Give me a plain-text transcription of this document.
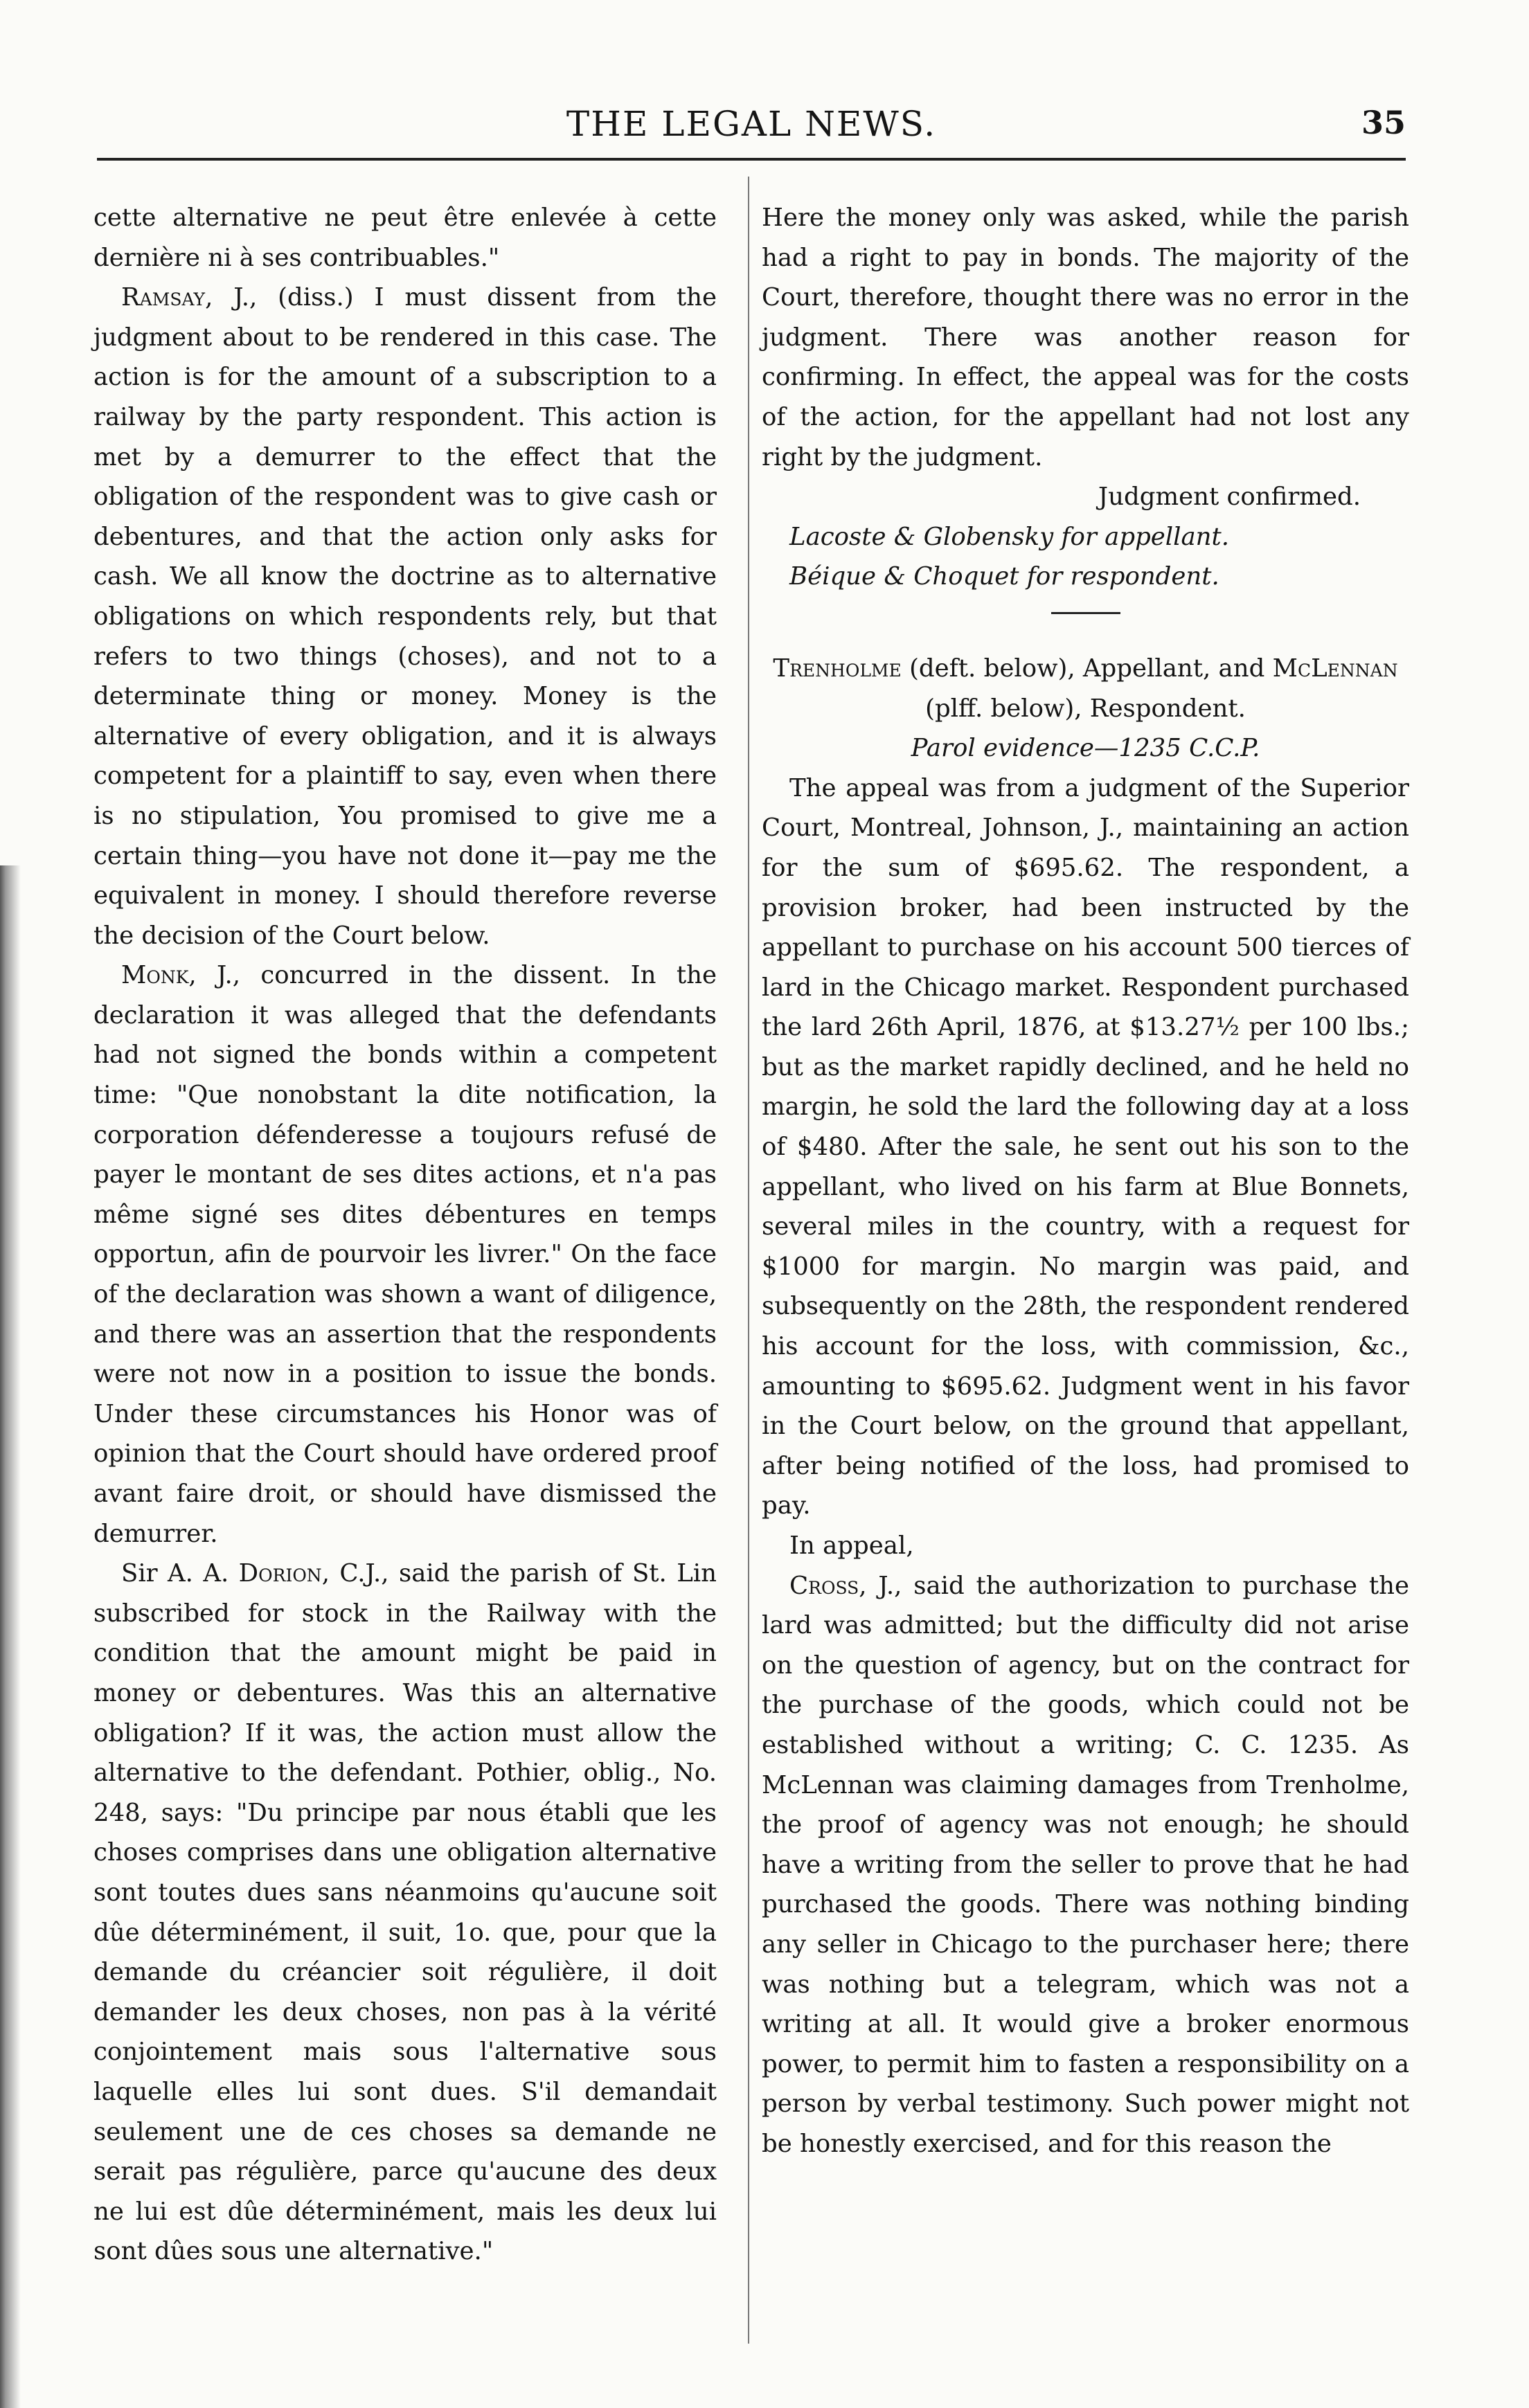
THE LEGAL NEWS.	35

cette alternative ne peut être enlevée à cette dernière ni à ses contribuables."

Ramsay, J., (diss.) I must dissent from the judgment about to be rendered in this case. The action is for the amount of a subscription to a railway by the party respondent. This action is met by a demurrer to the effect that the obligation of the respondent was to give cash or debentures, and that the action only asks for cash. We all know the doctrine as to alternative obligations on which respondents rely, but that refers to two things (choses), and not to a determinate thing or money. Money is the alternative of every obligation, and it is always competent for a plaintiff to say, even when there is no stipulation, You promised to give me a certain thing—you have not done it—pay me the equivalent in money. I should therefore reverse the decision of the Court below.

Monk, J., concurred in the dissent. In the declaration it was alleged that the defendants had not signed the bonds within a competent time: "Que nonobstant la dite notification, la corporation défenderesse a toujours refusé de payer le montant de ses dites actions, et n'a pas même signé ses dites débentures en temps opportun, afin de pourvoir les livrer." On the face of the declaration was shown a want of diligence, and there was an assertion that the respondents were not now in a position to issue the bonds. Under these circumstances his Honor was of opinion that the Court should have ordered proof avant faire droit, or should have dismissed the demurrer.

Sir A. A. Dorion, C.J., said the parish of St. Lin subscribed for stock in the Railway with the condition that the amount might be paid in money or debentures. Was this an alternative obligation? If it was, the action must allow the alternative to the defendant. Pothier, oblig., No. 248, says: "Du principe par nous établi que les choses comprises dans une obligation alternative sont toutes dues sans néanmoins qu'aucune soit dûe déterminément, il suit, 1o. que, pour que la demande du créancier soit régulière, il doit demander les deux choses, non pas à la vérité conjointement mais sous l'alternative sous laquelle elles lui sont dues. S'il demandait seulement une de ces choses sa demande ne serait pas régulière, parce qu'aucune des deux ne lui est dûe déterminément, mais les deux lui sont dûes sous une alternative."

Here the money only was asked, while the parish had a right to pay in bonds. The majority of the Court, therefore, thought there was no error in the judgment. There was another reason for confirming. In effect, the appeal was for the costs of the action, for the appellant had not lost any right by the judgment.

Judgment confirmed.

Lacoste & Globensky for appellant.

Béique & Choquet for respondent.

Trenholme (deft. below), Appellant, and McLennan (plff. below), Respondent.

Parol evidence—1235 C.C.P.

The appeal was from a judgment of the Superior Court, Montreal, Johnson, J., maintaining an action for the sum of $695.62. The respondent, a provision broker, had been instructed by the appellant to purchase on his account 500 tierces of lard in the Chicago market. Respondent purchased the lard 26th April, 1876, at $13.27½ per 100 lbs.; but as the market rapidly declined, and he held no margin, he sold the lard the following day at a loss of $480. After the sale, he sent out his son to the appellant, who lived on his farm at Blue Bonnets, several miles in the country, with a request for $1000 for margin. No margin was paid, and subsequently on the 28th, the respondent rendered his account for the loss, with commission, &c., amounting to $695.62. Judgment went in his favor in the Court below, on the ground that appellant, after being notified of the loss, had promised to pay.

In appeal,

Cross, J., said the authorization to purchase the lard was admitted; but the difficulty did not arise on the question of agency, but on the contract for the purchase of the goods, which could not be established without a writing; C. C. 1235. As McLennan was claiming damages from Trenholme, the proof of agency was not enough; he should have a writing from the seller to prove that he had purchased the goods. There was nothing binding any seller in Chicago to the purchaser here; there was nothing but a telegram, which was not a writing at all. It would give a broker enormous power, to permit him to fasten a responsibility on a person by verbal testimony. Such power might not be honestly exercised, and for this reason the
